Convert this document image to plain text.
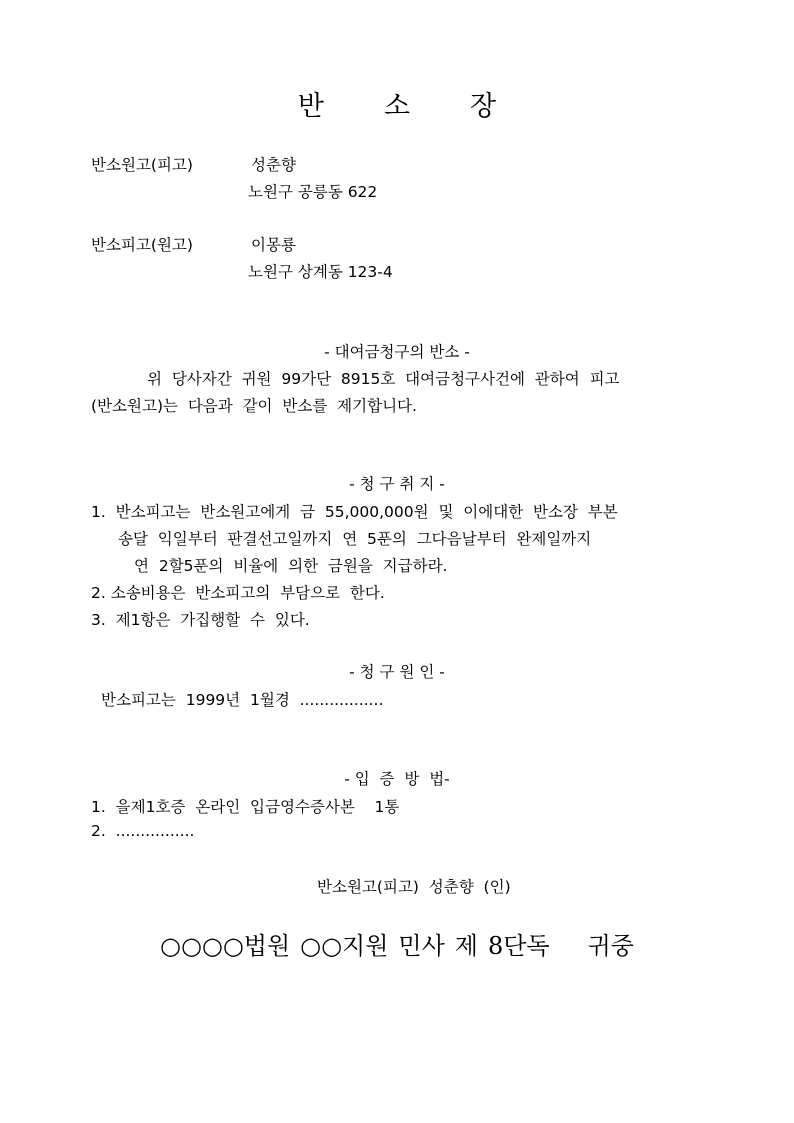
반 소 장
반소원고(피고)	성춘향
노원구 공릉동 622
반소피고(원고)	이몽룡
노원구 상계동 123-4
- 대여금청구의 반소 -
위  당사자간  귀원  99가단  8915호  대여금청구사건에  관하여  피고
(반소원고)는  다음과  같이  반소를  제기합니다.
- 청 구 취 지 -
1.  반소피고는  반소원고에게  금  55,000,000원  및  이에대한  반소장  부본
송달  익일부터  판결선고일까지  연  5푼의  그다음날부터  완제일까지
연  2할5푼의  비율에  의한  금원을  지급하라.
2. 소송비용은  반소피고의  부담으로  한다.
3.  제1항은  가집행할  수  있다.
- 청 구 원 인 -
반소피고는  1999년  1월경  .................
- 입  증  방  법-
1.  을제1호증  온라인  입금영수증사본    1통
2.  ................
반소원고(피고)  성춘향  (인)
○○○○법원 ○○지원 민사 제 8단독 귀중
